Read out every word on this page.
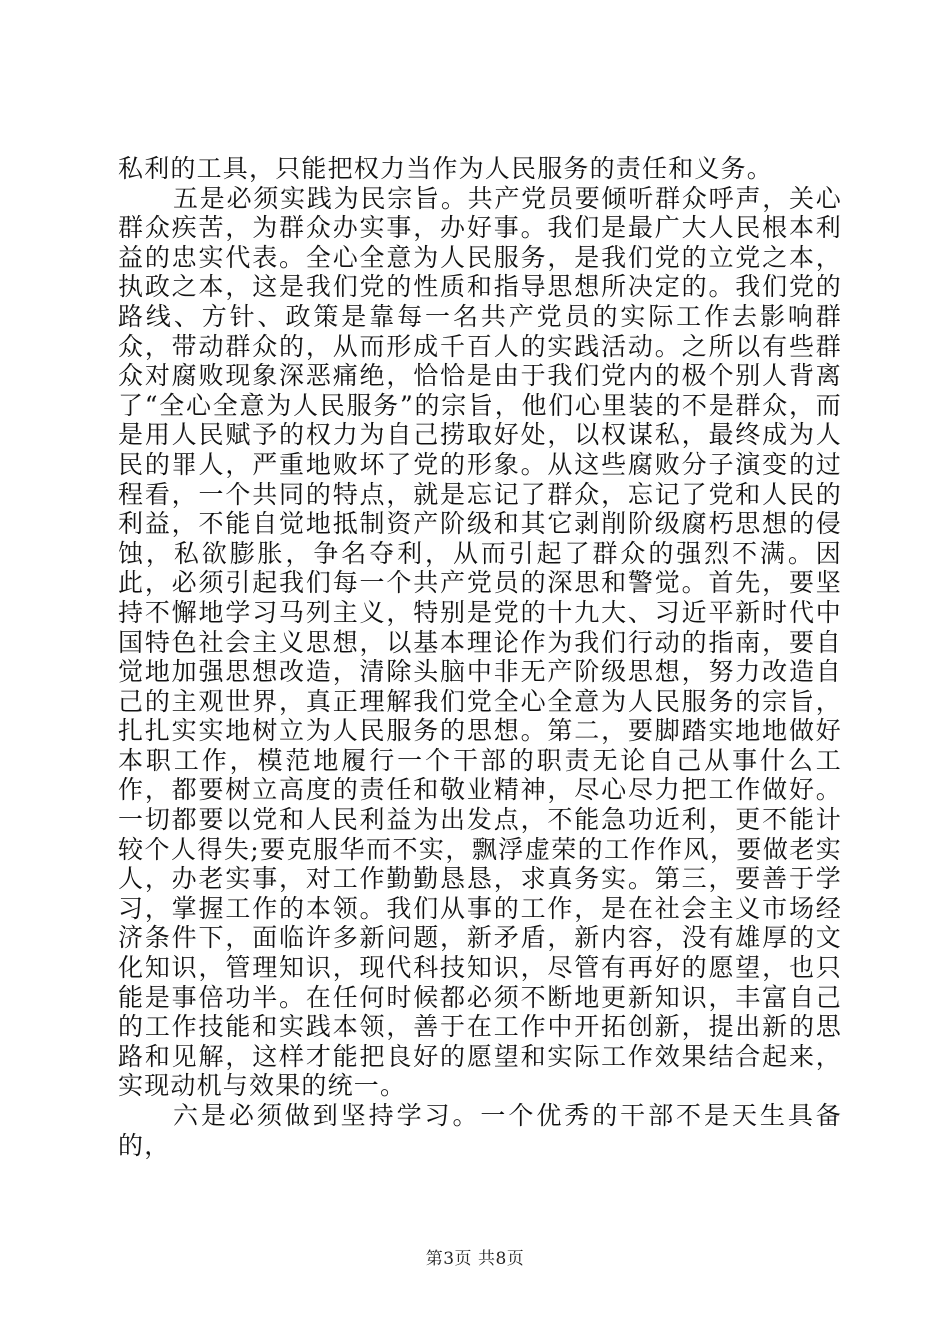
私利的工具，只能把权力当作为人民服务的责任和义务。

五是必须实践为民宗旨。共产党员要倾听群众呼声，关心群众疾苦，为群众办实事，办好事。我们是最广大人民根本利益的忠实代表。全心全意为人民服务，是我们党的立党之本，执政之本，这是我们党的性质和指导思想所决定的。我们党的路线、方针、政策是靠每一名共产党员的实际工作去影响群众，带动群众的，从而形成千百人的实践活动。之所以有些群众对腐败现象深恶痛绝，恰恰是由于我们党内的极个别人背离了“全心全意为人民服务”的宗旨，他们心里装的不是群众，而是用人民赋予的权力为自己捞取好处，以权谋私，最终成为人民的罪人，严重地败坏了党的形象。从这些腐败分子演变的过程看，一个共同的特点，就是忘记了群众，忘记了党和人民的利益，不能自觉地抵制资产阶级和其它剥削阶级腐朽思想的侵蚀，私欲膨胀，争名夺利，从而引起了群众的强烈不满。因此，必须引起我们每一个共产党员的深思和警觉。首先，要坚持不懈地学习马列主义，特别是党的十九大、习近平新时代中国特色社会主义思想，以基本理论作为我们行动的指南，要自觉地加强思想改造，清除头脑中非无产阶级思想，努力改造自己的主观世界，真正理解我们党全心全意为人民服务的宗旨，扎扎实实地树立为人民服务的思想。第二，要脚踏实地地做好本职工作，模范地履行一个干部的职责无论自己从事什么工作，都要树立高度的责任和敬业精神，尽心尽力把工作做好。一切都要以党和人民利益为出发点，不能急功近利，更不能计较个人得失;要克服华而不实，飘浮虚荣的工作作风，要做老实人，办老实事，对工作勤勤恳恳，求真务实。第三，要善于学习，掌握工作的本领。我们从事的工作，是在社会主义市场经济条件下，面临许多新问题，新矛盾，新内容，没有雄厚的文化知识，管理知识，现代科技知识，尽管有再好的愿望，也只能是事倍功半。在任何时候都必须不断地更新知识，丰富自己的工作技能和实践本领，善于在工作中开拓创新，提出新的思路和见解，这样才能把良好的愿望和实际工作效果结合起来，实现动机与效果的统一。

六是必须做到坚持学习。一个优秀的干部不是天生具备的，

第3页 共8页
